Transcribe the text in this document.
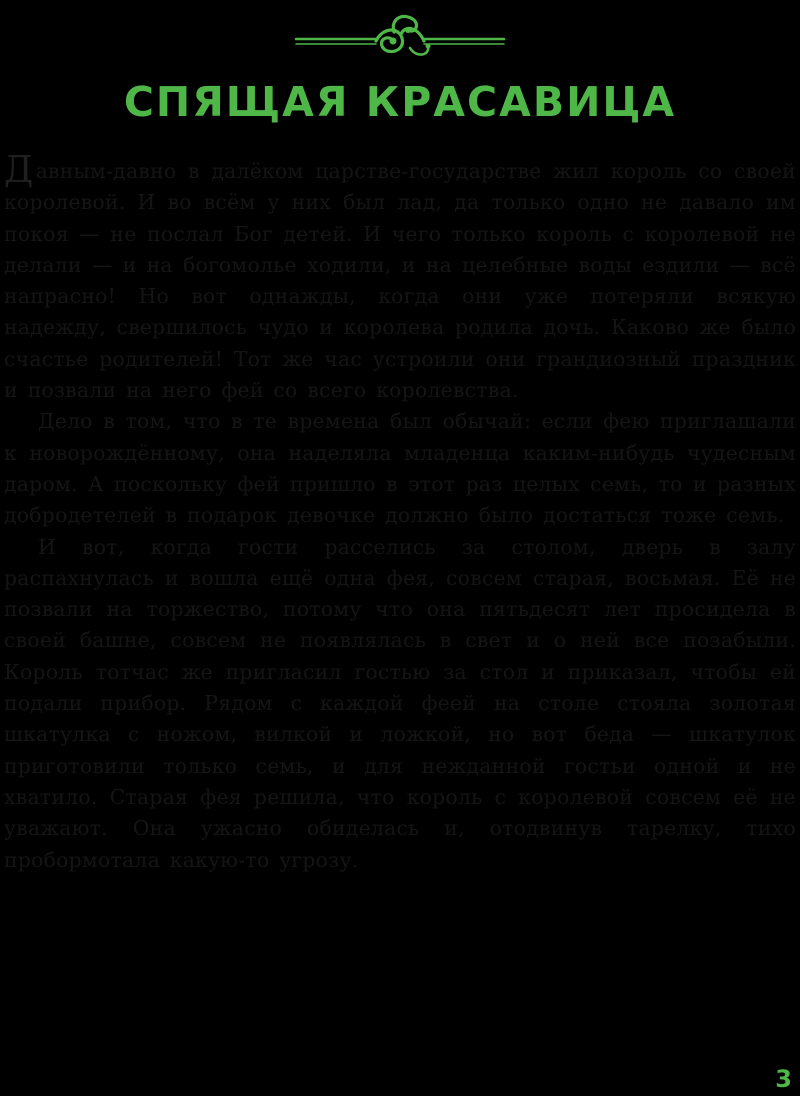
СПЯЩАЯ КРАСАВИЦА

Давным-давно в далёком царстве-государстве жил король со своей королевой. И во всём у них был лад, да только одно не давало им покоя — не послал Бог детей. И чего только король с королевой не делали — и на богомолье ходили, и на целебные воды ездили — всё напрасно! Но вот однажды, когда они уже потеряли всякую надежду, свершилось чудо и королева родила дочь. Каково же было счастье родителей! Тот же час устроили они грандиозный праздник и позвали на него фей со всего королевства.

Дело в том, что в те времена был обычай: если фею приглашали к новорождённому, она наделяла младенца каким-нибудь чудесным даром. А поскольку фей пришло в этот раз целых семь, то и разных добродетелей в подарок девочке должно было достаться тоже семь.

И вот, когда гости расселись за столом, дверь в залу распахнулась и вошла ещё одна фея, совсем старая, восьмая. Её не позвали на торжество, потому что она пятьдесят лет просидела в своей башне, совсем не появлялась в свет и о ней все позабыли. Король тотчас же пригласил гостью за стол и приказал, чтобы ей подали прибор. Рядом с каждой феей на столе стояла золотая шкатулка с ножом, вилкой и ложкой, но вот беда — шкатулок приготовили только семь, и для нежданной гостьи одной и не хватило. Старая фея решила, что король с королевой совсем её не уважают. Она ужасно обиделась и, отодвинув тарелку, тихо пробормотала какую-то угрозу.

3
